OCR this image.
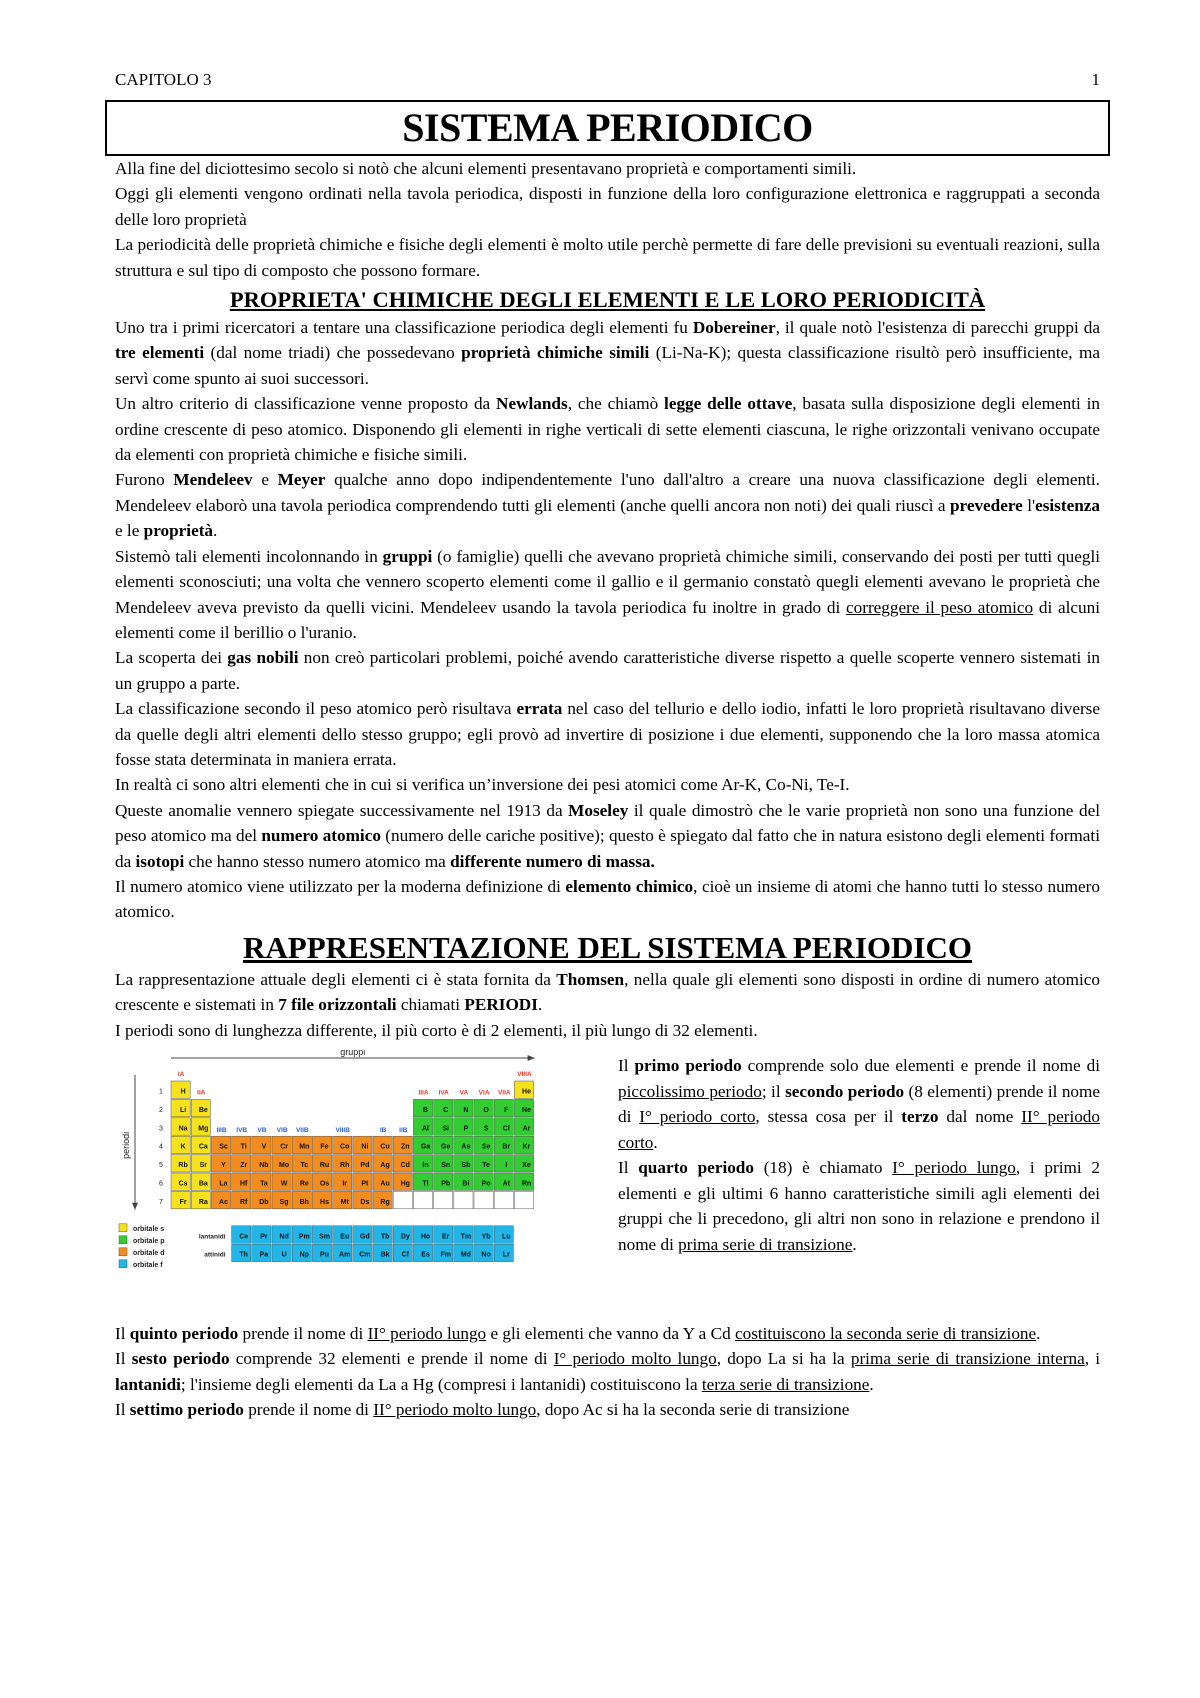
CAPITOLO 3	1
SISTEMA PERIODICO

Alla fine del diciottesimo secolo si notò che alcuni elementi presentavano proprietà e comportamenti simili.

Oggi gli elementi vengono ordinati nella tavola periodica, disposti in funzione della loro configurazione elettronica e raggruppati a seconda delle loro proprietà

La periodicità delle proprietà chimiche e fisiche degli elementi è molto utile perchè permette di fare delle previsioni su eventuali reazioni, sulla struttura e sul tipo di composto che possono formare.

PROPRIETA' CHIMICHE DEGLI ELEMENTI E LE LORO PERIODICITÀ

Uno tra i primi ricercatori a tentare una classificazione periodica degli elementi fu Dobereiner, il quale notò l'esistenza di parecchi gruppi da tre elementi (dal nome triadi) che possedevano proprietà chimiche simili (Li-Na-K); questa classificazione risultò però insufficiente, ma servì come spunto ai suoi successori.

Un altro criterio di classificazione venne proposto da Newlands, che chiamò legge delle ottave, basata sulla disposizione degli elementi in ordine crescente di peso atomico. Disponendo gli elementi in righe verticali di sette elementi ciascuna, le righe orizzontali venivano occupate da elementi con proprietà chimiche e fisiche simili.

Furono Mendeleev e Meyer qualche anno dopo indipendentemente l'uno dall'altro a creare una nuova classificazione degli elementi. Mendeleev elaborò una tavola periodica comprendendo tutti gli elementi (anche quelli ancora non noti) dei quali riuscì a prevedere l'esistenza e le proprietà.

Sistemò tali elementi incolonnando in gruppi (o famiglie) quelli che avevano proprietà chimiche simili, conservando dei posti per tutti quegli elementi sconosciuti; una volta che vennero scoperto elementi come il gallio e il germanio constatò quegli elementi avevano le proprietà che Mendeleev aveva previsto da quelli vicini. Mendeleev usando la tavola periodica fu inoltre in grado di correggere il peso atomico di alcuni elementi come il berillio o l'uranio.

La scoperta dei gas nobili non creò particolari problemi, poiché avendo caratteristiche diverse rispetto a quelle scoperte vennero sistemati in un gruppo a parte.

La classificazione secondo il peso atomico però risultava errata nel caso del tellurio e dello iodio, infatti le loro proprietà risultavano diverse da quelle degli altri elementi dello stesso gruppo; egli provò ad invertire di posizione i due elementi, supponendo che la loro massa atomica fosse stata determinata in maniera errata.

In realtà ci sono altri elementi che in cui si verifica un’inversione dei pesi atomici come Ar-K, Co-Ni, Te-I.

Queste anomalie vennero spiegate successivamente nel 1913 da Moseley il quale dimostrò che le varie proprietà non sono una funzione del peso atomico ma del numero atomico (numero delle cariche positive); questo è spiegato dal fatto che in natura esistono degli elementi formati da isotopi che hanno stesso numero atomico ma differente numero di massa.

Il numero atomico viene utilizzato per la moderna definizione di elemento chimico, cioè un insieme di atomi che hanno tutti lo stesso numero atomico.

RAPPRESENTAZIONE DEL SISTEMA PERIODICO

La rappresentazione attuale degli elementi ci è stata fornita da Thomsen, nella quale gli elementi sono disposti in ordine di numero atomico crescente e sistemati in 7 file orizzontali chiamati PERIODI.

I periodi sono di lunghezza differente, il più corto è di 2 elementi, il più lungo di 32 elementi.

gruppi
periodi
IA
IIA	IIIA IVA VA VIA VIIA
VIIIA
IIIB IVB VB VIB VIIB	VIIIB	IB IIB
1
2
3
4
5
6
7
H	He
Li Be	B C N O F Ne
Na Mg	Al Si P S Cl Ar
K Ca Sc Ti V Cr Mn Fe Co Ni Cu Zn Ga Ge As Se Br Kr
Rb Sr Y Zr Nb Mo Tc Ru Rh Pd Ag Cd In Sn Sb Te I Xe
Cs Ba La Hf Ta W Re Os Ir Pt Au Hg Tl Pb Bi Po At Rn
Fr Ra Ac Rf Db Sg Bh Hs Mt Ds Rg
lantanidi Ce Pr Nd Pm Sm Eu Gd Tb Dy Ho Er Tm Yb Lu
attinidi Th Pa U Np Pu Am Cm Bk Cf Es Fm Md No Lr
orbitale s
orbitale p
orbitale d
orbitale f

Il primo periodo comprende solo due elementi e prende il nome di piccolissimo periodo; il secondo periodo (8 elementi) prende il nome di I° periodo corto, stessa cosa per il terzo dal nome II° periodo corto.

Il quarto periodo (18) è chiamato I° periodo lungo, i primi 2 elementi e gli ultimi 6 hanno caratteristiche simili agli elementi dei gruppi che li precedono, gli altri non sono in relazione e prendono il nome di prima serie di transizione.

Il quinto periodo prende il nome di II° periodo lungo e gli elementi che vanno da Y a Cd costituiscono la seconda serie di transizione.

Il sesto periodo comprende 32 elementi e prende il nome di I° periodo molto lungo, dopo La si ha la prima serie di transizione interna, i lantanidi; l'insieme degli elementi da La a Hg (compresi i lantanidi) costituiscono la terza serie di transizione.

Il settimo periodo prende il nome di II° periodo molto lungo, dopo Ac si ha la seconda serie di transizione
